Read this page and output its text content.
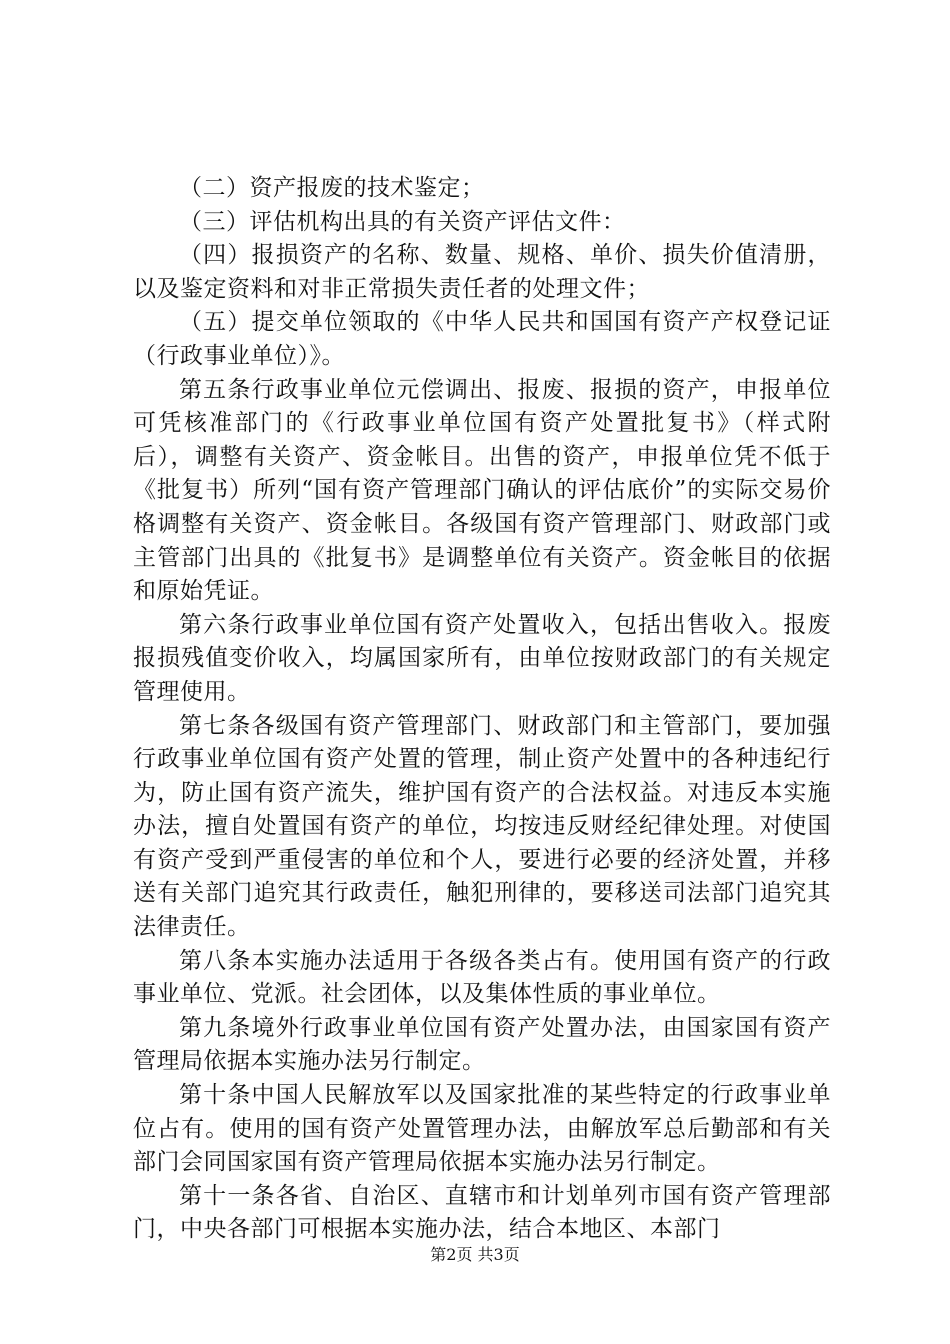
（二）资产报废的技术鉴定；

（三）评估机构出具的有关资产评估文件：

（四）报损资产的名称、数量、规格、单价、损失价值清册，以及鉴定资料和对非正常损失责任者的处理文件；

（五）提交单位领取的《中华人民共和国国有资产产权登记证（行政事业单位）》。

第五条行政事业单位元偿调出、报废、报损的资产，申报单位可凭核准部门的《行政事业单位国有资产处置批复书》（样式附后），调整有关资产、资金帐目。出售的资产，申报单位凭不低于《批复书）所列“国有资产管理部门确认的评估底价”的实际交易价格调整有关资产、资金帐目。各级国有资产管理部门、财政部门或主管部门出具的《批复书》是调整单位有关资产。资金帐目的依据和原始凭证。

第六条行政事业单位国有资产处置收入，包括出售收入。报废报损残值变价收入，均属国家所有，由单位按财政部门的有关规定管理使用。

第七条各级国有资产管理部门、财政部门和主管部门，要加强行政事业单位国有资产处置的管理，制止资产处置中的各种违纪行为，防止国有资产流失，维护国有资产的合法权益。对违反本实施办法，擅自处置国有资产的单位，均按违反财经纪律处理。对使国有资产受到严重侵害的单位和个人，要进行必要的经济处置，并移送有关部门追究其行政责任，触犯刑律的，要移送司法部门追究其法律责任。

第八条本实施办法适用于各级各类占有。使用国有资产的行政事业单位、党派。社会团体，以及集体性质的事业单位。

第九条境外行政事业单位国有资产处置办法，由国家国有资产管理局依据本实施办法另行制定。

第十条中国人民解放军以及国家批准的某些特定的行政事业单位占有。使用的国有资产处置管理办法，由解放军总后勤部和有关部门会同国家国有资产管理局依据本实施办法另行制定。

第十一条各省、自治区、直辖市和计划单列市国有资产管理部门，中央各部门可根据本实施办法，结合本地区、本部门

第2页 共3页
